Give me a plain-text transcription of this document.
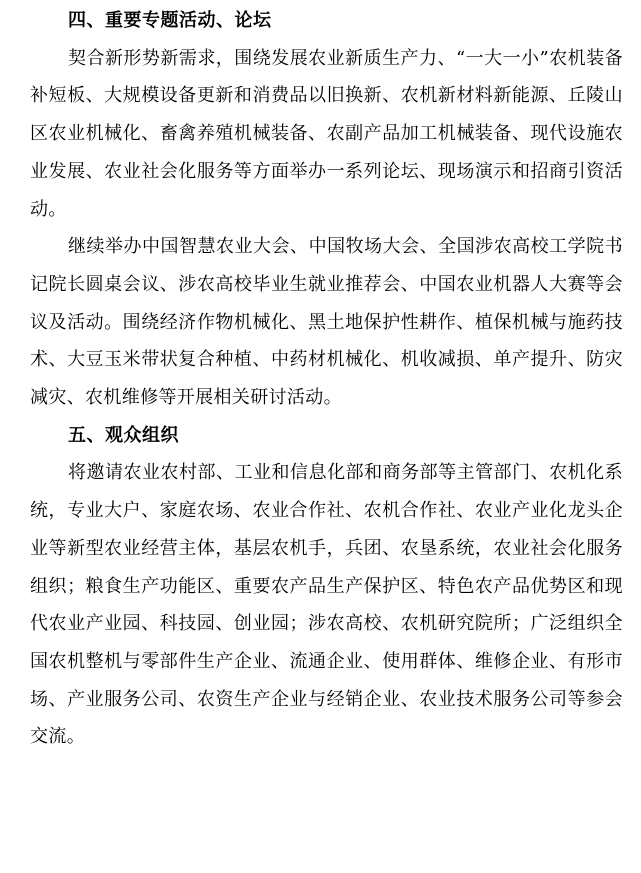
四、重要专题活动、论坛

契合新形势新需求，围绕发展农业新质生产力、“一大一小”农机装备补短板、大规模设备更新和消费品以旧换新、农机新材料新能源、丘陵山区农业机械化、畜禽养殖机械装备、农副产品加工机械装备、现代设施农业发展、农业社会化服务等方面举办一系列论坛、现场演示和招商引资活动。

继续举办中国智慧农业大会、中国牧场大会、全国涉农高校工学院书记院长圆桌会议、涉农高校毕业生就业推荐会、中国农业机器人大赛等会议及活动。围绕经济作物机械化、黑土地保护性耕作、植保机械与施药技术、大豆玉米带状复合种植、中药材机械化、机收减损、单产提升、防灾减灾、农机维修等开展相关研讨活动。

五、观众组织

将邀请农业农村部、工业和信息化部和商务部等主管部门、农机化系统，专业大户、家庭农场、农业合作社、农机合作社、农业产业化龙头企业等新型农业经营主体，基层农机手，兵团、农垦系统，农业社会化服务组织；粮食生产功能区、重要农产品生产保护区、特色农产品优势区和现代农业产业园、科技园、创业园；涉农高校、农机研究院所；广泛组织全国农机整机与零部件生产企业、流通企业、使用群体、维修企业、有形市场、产业服务公司、农资生产企业与经销企业、农业技术服务公司等参会交流。
